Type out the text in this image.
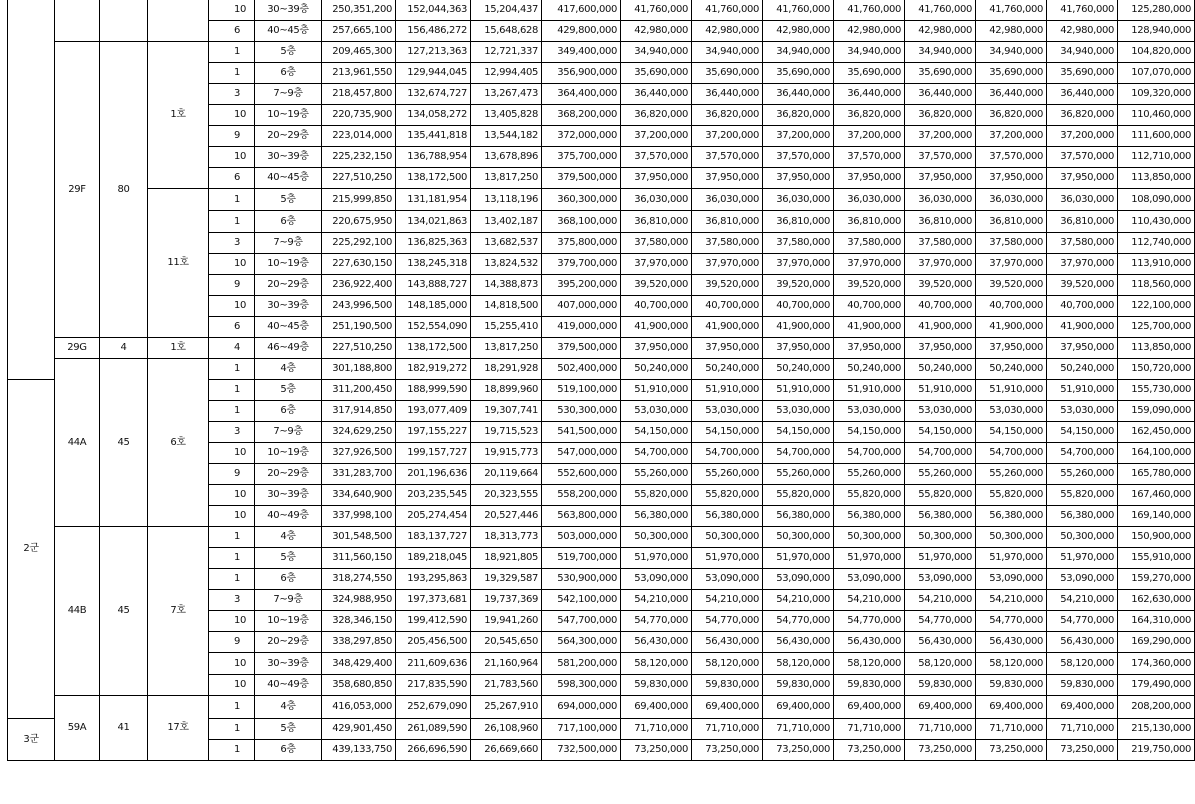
				10	30~39층	250,351,200	152,044,363	15,204,437	417,600,000	41,760,000	41,760,000	41,760,000	41,760,000	41,760,000	41,760,000	41,760,000	125,280,000
				6	40~45층	257,665,100	156,486,272	15,648,628	429,800,000	42,980,000	42,980,000	42,980,000	42,980,000	42,980,000	42,980,000	42,980,000	128,940,000
	29F	80	1호	1	5층	209,465,300	127,213,363	12,721,337	349,400,000	34,940,000	34,940,000	34,940,000	34,940,000	34,940,000	34,940,000	34,940,000	104,820,000
				1	6층	213,961,550	129,944,045	12,994,405	356,900,000	35,690,000	35,690,000	35,690,000	35,690,000	35,690,000	35,690,000	35,690,000	107,070,000
				3	7~9층	218,457,800	132,674,727	13,267,473	364,400,000	36,440,000	36,440,000	36,440,000	36,440,000	36,440,000	36,440,000	36,440,000	109,320,000
				10	10~19층	220,735,900	134,058,272	13,405,828	368,200,000	36,820,000	36,820,000	36,820,000	36,820,000	36,820,000	36,820,000	36,820,000	110,460,000
				9	20~29층	223,014,000	135,441,818	13,544,182	372,000,000	37,200,000	37,200,000	37,200,000	37,200,000	37,200,000	37,200,000	37,200,000	111,600,000
				10	30~39층	225,232,150	136,788,954	13,678,896	375,700,000	37,570,000	37,570,000	37,570,000	37,570,000	37,570,000	37,570,000	37,570,000	112,710,000
				6	40~45층	227,510,250	138,172,500	13,817,250	379,500,000	37,950,000	37,950,000	37,950,000	37,950,000	37,950,000	37,950,000	37,950,000	113,850,000
			11호	1	5층	215,999,850	131,181,954	13,118,196	360,300,000	36,030,000	36,030,000	36,030,000	36,030,000	36,030,000	36,030,000	36,030,000	108,090,000
				1	6층	220,675,950	134,021,863	13,402,187	368,100,000	36,810,000	36,810,000	36,810,000	36,810,000	36,810,000	36,810,000	36,810,000	110,430,000
				3	7~9층	225,292,100	136,825,363	13,682,537	375,800,000	37,580,000	37,580,000	37,580,000	37,580,000	37,580,000	37,580,000	37,580,000	112,740,000
				10	10~19층	227,630,150	138,245,318	13,824,532	379,700,000	37,970,000	37,970,000	37,970,000	37,970,000	37,970,000	37,970,000	37,970,000	113,910,000
				9	20~29층	236,922,400	143,888,727	14,388,873	395,200,000	39,520,000	39,520,000	39,520,000	39,520,000	39,520,000	39,520,000	39,520,000	118,560,000
				10	30~39층	243,996,500	148,185,000	14,818,500	407,000,000	40,700,000	40,700,000	40,700,000	40,700,000	40,700,000	40,700,000	40,700,000	122,100,000
				6	40~45층	251,190,500	152,554,090	15,255,410	419,000,000	41,900,000	41,900,000	41,900,000	41,900,000	41,900,000	41,900,000	41,900,000	125,700,000
	29G	4	1호	4	46~49층	227,510,250	138,172,500	13,817,250	379,500,000	37,950,000	37,950,000	37,950,000	37,950,000	37,950,000	37,950,000	37,950,000	113,850,000
	44A	45	6호	1	4층	301,188,800	182,919,272	18,291,928	502,400,000	50,240,000	50,240,000	50,240,000	50,240,000	50,240,000	50,240,000	50,240,000	150,720,000
2군				1	5층	311,200,450	188,999,590	18,899,960	519,100,000	51,910,000	51,910,000	51,910,000	51,910,000	51,910,000	51,910,000	51,910,000	155,730,000
				1	6층	317,914,850	193,077,409	19,307,741	530,300,000	53,030,000	53,030,000	53,030,000	53,030,000	53,030,000	53,030,000	53,030,000	159,090,000
				3	7~9층	324,629,250	197,155,227	19,715,523	541,500,000	54,150,000	54,150,000	54,150,000	54,150,000	54,150,000	54,150,000	54,150,000	162,450,000
				10	10~19층	327,926,500	199,157,727	19,915,773	547,000,000	54,700,000	54,700,000	54,700,000	54,700,000	54,700,000	54,700,000	54,700,000	164,100,000
				9	20~29층	331,283,700	201,196,636	20,119,664	552,600,000	55,260,000	55,260,000	55,260,000	55,260,000	55,260,000	55,260,000	55,260,000	165,780,000
				10	30~39층	334,640,900	203,235,545	20,323,555	558,200,000	55,820,000	55,820,000	55,820,000	55,820,000	55,820,000	55,820,000	55,820,000	167,460,000
				10	40~49층	337,998,100	205,274,454	20,527,446	563,800,000	56,380,000	56,380,000	56,380,000	56,380,000	56,380,000	56,380,000	56,380,000	169,140,000
	44B	45	7호	1	4층	301,548,500	183,137,727	18,313,773	503,000,000	50,300,000	50,300,000	50,300,000	50,300,000	50,300,000	50,300,000	50,300,000	150,900,000
				1	5층	311,560,150	189,218,045	18,921,805	519,700,000	51,970,000	51,970,000	51,970,000	51,970,000	51,970,000	51,970,000	51,970,000	155,910,000
				1	6층	318,274,550	193,295,863	19,329,587	530,900,000	53,090,000	53,090,000	53,090,000	53,090,000	53,090,000	53,090,000	53,090,000	159,270,000
				3	7~9층	324,988,950	197,373,681	19,737,369	542,100,000	54,210,000	54,210,000	54,210,000	54,210,000	54,210,000	54,210,000	54,210,000	162,630,000
				10	10~19층	328,346,150	199,412,590	19,941,260	547,700,000	54,770,000	54,770,000	54,770,000	54,770,000	54,770,000	54,770,000	54,770,000	164,310,000
				9	20~29층	338,297,850	205,456,500	20,545,650	564,300,000	56,430,000	56,430,000	56,430,000	56,430,000	56,430,000	56,430,000	56,430,000	169,290,000
				10	30~39층	348,429,400	211,609,636	21,160,964	581,200,000	58,120,000	58,120,000	58,120,000	58,120,000	58,120,000	58,120,000	58,120,000	174,360,000
				10	40~49층	358,680,850	217,835,590	21,783,560	598,300,000	59,830,000	59,830,000	59,830,000	59,830,000	59,830,000	59,830,000	59,830,000	179,490,000
	59A	41	17호	1	4층	416,053,000	252,679,090	25,267,910	694,000,000	69,400,000	69,400,000	69,400,000	69,400,000	69,400,000	69,400,000	69,400,000	208,200,000
3군				1	5층	429,901,450	261,089,590	26,108,960	717,100,000	71,710,000	71,710,000	71,710,000	71,710,000	71,710,000	71,710,000	71,710,000	215,130,000
				1	6층	439,133,750	266,696,590	26,669,660	732,500,000	73,250,000	73,250,000	73,250,000	73,250,000	73,250,000	73,250,000	73,250,000	219,750,000
